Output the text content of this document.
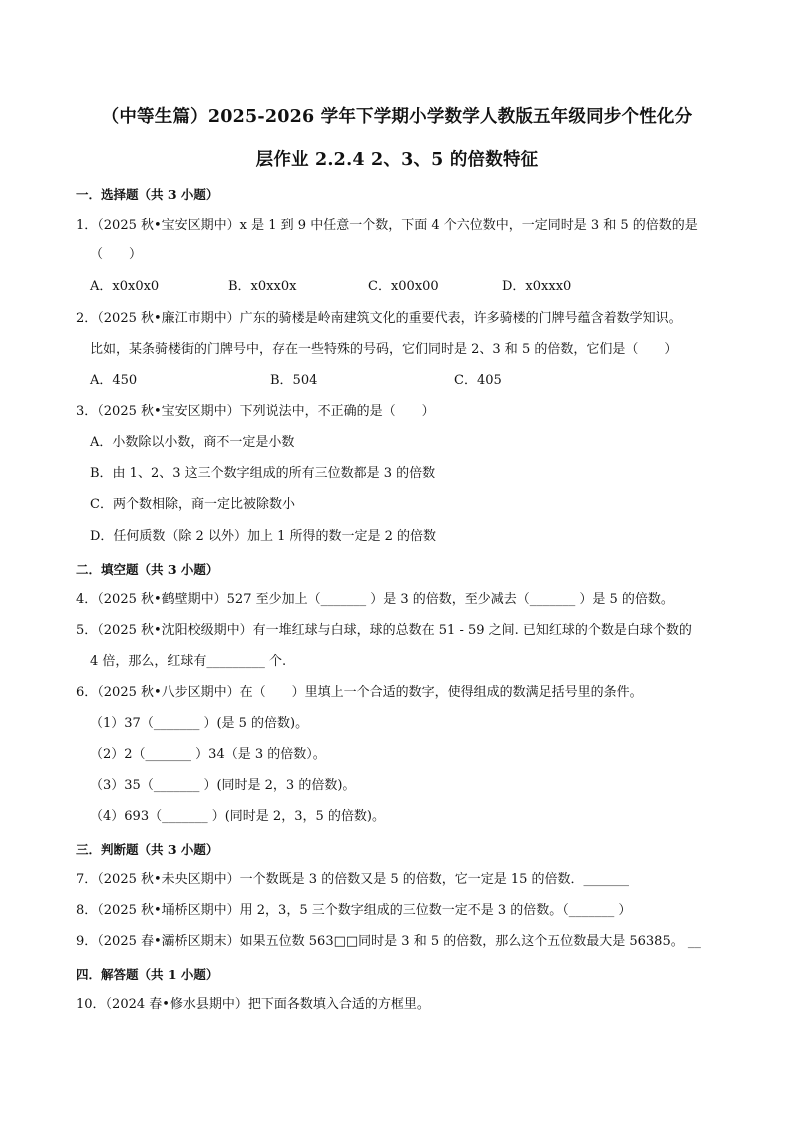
（中等生篇）2025-2026 学年下学期小学数学人教版五年级同步个性化分
层作业 2.2.4 2、3、5 的倍数特征
一．选择题（共 3 小题）
1．（2025 秋•宝安区期中）x 是 1 到 9 中任意一个数，下面 4 个六位数中，一定同时是 3 和 5 的倍数的是
（　　）
A．x0x0x0	B．x0xx0x	C．x00x00	D．x0xxx0
2．（2025 秋•廉江市期中）广东的骑楼是岭南建筑文化的重要代表，许多骑楼的门牌号蕴含着数学知识。
比如，某条骑楼街的门牌号中，存在一些特殊的号码，它们同时是 2、3 和 5 的倍数，它们是（　　）
A．450	B．504	C．405
3．（2025 秋•宝安区期中）下列说法中，不正确的是（　　）
A．小数除以小数，商不一定是小数
B．由 1、2、3 这三个数字组成的所有三位数都是 3 的倍数
C．两个数相除，商一定比被除数小
D．任何质数（除 2 以外）加上 1 所得的数一定是 2 的倍数
二．填空题（共 3 小题）
4．（2025 秋•鹤壁期中）527 至少加上（_______ ）是 3 的倍数，至少减去（_______ ）是 5 的倍数。
5．（2025 秋•沈阳校级期中）有一堆红球与白球，球的总数在 51 - 59 之间. 已知红球的个数是白球个数的
4 倍，那么，红球有_________ 个.
6．（2025 秋•八步区期中）在（　　）里填上一个合适的数字，使得组成的数满足括号里的条件。
（1）37（_______ ）(是 5 的倍数)。
（2）2（_______ ）34（是 3 的倍数）。
（3）35（_______ ）(同时是 2，3 的倍数)。
（4）693（_______ ）(同时是 2，3，5 的倍数)。
三．判断题（共 3 小题）
7．（2025 秋•未央区期中）一个数既是 3 的倍数又是 5 的倍数，它一定是 15 的倍数．_______
8．（2025 秋•埇桥区期中）用 2，3，5 三个数字组成的三位数一定不是 3 的倍数。（_______ ）
9．（2025 春•灞桥区期末）如果五位数 563□□同时是 3 和 5 的倍数，那么这个五位数最大是 56385。 __
四．解答题（共 1 小题）
10．（2024 春•修水县期中）把下面各数填入合适的方框里。
